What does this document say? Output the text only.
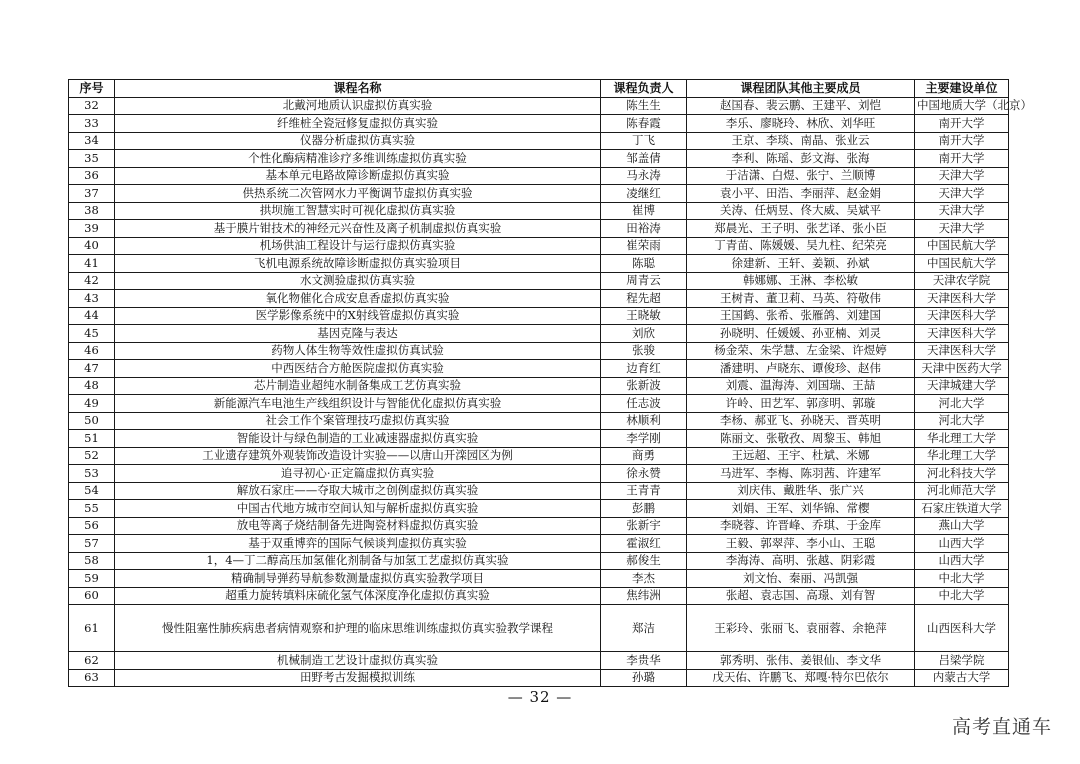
序号	课程名称	课程负责人	课程团队其他主要成员	主要建设单位
32	北戴河地质认识虚拟仿真实验	陈生生	赵国春、裴云鹏、王建平、刘恺	中国地质大学（北京）
33	纤维桩全瓷冠修复虚拟仿真实验	陈春霞	李乐、廖晓玲、林欣、刘华旺	南开大学
34	仪器分析虚拟仿真实验	丁飞	王京、李琰、南晶、张业云	南开大学
35	个性化酶病精准诊疗多维训练虚拟仿真实验	邹盖倩	李利、陈瑶、彭文海、张海	南开大学
36	基本单元电路故障诊断虚拟仿真实验	马永涛	于洁潇、白煜、张宁、兰顺博	天津大学
37	供热系统二次管网水力平衡调节虚拟仿真实验	凌继红	袁小平、田浩、李丽萍、赵金娟	天津大学
38	拱坝施工智慧实时可视化虚拟仿真实验	崔博	关涛、任炳昱、佟大威、吴斌平	天津大学
39	基于膜片钳技术的神经元兴奋性及离子机制虚拟仿真实验	田裕涛	郑晨光、王子明、张艺译、张小臣	天津大学
40	机场供油工程设计与运行虚拟仿真实验	崔荣雨	丁青苗、陈媛媛、吴九柱、纪荣亮	中国民航大学
41	飞机电源系统故障诊断虚拟仿真实验项目	陈聪	徐建新、王轩、姜颖、孙斌	中国民航大学
42	水文测验虚拟仿真实验	周青云	韩娜娜、王淋、李松敏	天津农学院
43	氧化物催化合成安息香虚拟仿真实验	程先超	王树青、董卫莉、马英、符敬伟	天津医科大学
44	医学影像系统中的X射线管虚拟仿真实验	王晓敏	王国鹤、张希、张雁鸽、刘建国	天津医科大学
45	基因克隆与表达	刘欣	孙晓明、任媛媛、孙亚楠、刘灵	天津医科大学
46	药物人体生物等效性虚拟仿真试验	张骏	杨金荣、朱学慧、左金梁、许煜婷	天津医科大学
47	中西医结合方舱医院虚拟仿真实验	边育红	潘建明、卢晓东、谭俊珍、赵伟	天津中医药大学
48	芯片制造业超纯水制备集成工艺仿真实验	张新波	刘震、温海涛、刘国瑞、王喆	天津城建大学
49	新能源汽车电池生产线组织设计与智能优化虚拟仿真实验	任志波	许岭、田艺军、郭彦明、郭璇	河北大学
50	社会工作个案管理技巧虚拟仿真实验	林顺利	李杨、郝亚飞、孙晓天、晋英明	河北大学
51	智能设计与绿色制造的工业减速器虚拟仿真实验	李学刚	陈丽文、张敬孜、周黎玉、韩旭	华北理工大学
52	工业遗存建筑外观装饰改造设计实验——以唐山开滦园区为例	商勇	王远超、王宇、杜斌、米娜	华北理工大学
53	追寻初心·正定篇虚拟仿真实验	徐永赞	马进军、李梅、陈羽茜、许建军	河北科技大学
54	解放石家庄——夺取大城市之创例虚拟仿真实验	王青青	刘庆伟、戴胜华、张广兴	河北师范大学
55	中国古代地方城市空间认知与解析虚拟仿真实验	彭鹏	刘娟、王军、刘华锦、常樱	石家庄铁道大学
56	放电等离子烧结制备先进陶瓷材料虚拟仿真实验	张新宇	李晓蓉、许晋峰、乔琪、于金库	燕山大学
57	基于双重博弈的国际气候谈判虚拟仿真实验	霍淑红	王毅、郭翠萍、李小山、王聪	山西大学
58	1，4—丁二醇高压加氢催化剂制备与加氢工艺虚拟仿真实验	郝俊生	李海涛、高明、张越、阴彩霞	山西大学
59	精确制导弹药导航参数测量虚拟仿真实验教学项目	李杰	刘文怡、秦丽、冯凯强	中北大学
60	超重力旋转填料床硫化氢气体深度净化虚拟仿真实验	焦纬洲	张超、袁志国、高璟、刘有智	中北大学
61	慢性阻塞性肺疾病患者病情观察和护理的临床思维训练虚拟仿真实验教学课程	郑洁	王彩玲、张丽飞、袁丽蓉、余艳萍	山西医科大学
62	机械制造工艺设计虚拟仿真实验	李贵华	郭秀明、张伟、姜银仙、李文华	吕梁学院
63	田野考古发掘模拟训练	孙璐	戊天佑、许鹏飞、郑嘎·特尔巴依尔	内蒙古大学
— 32 —
高考直通车
